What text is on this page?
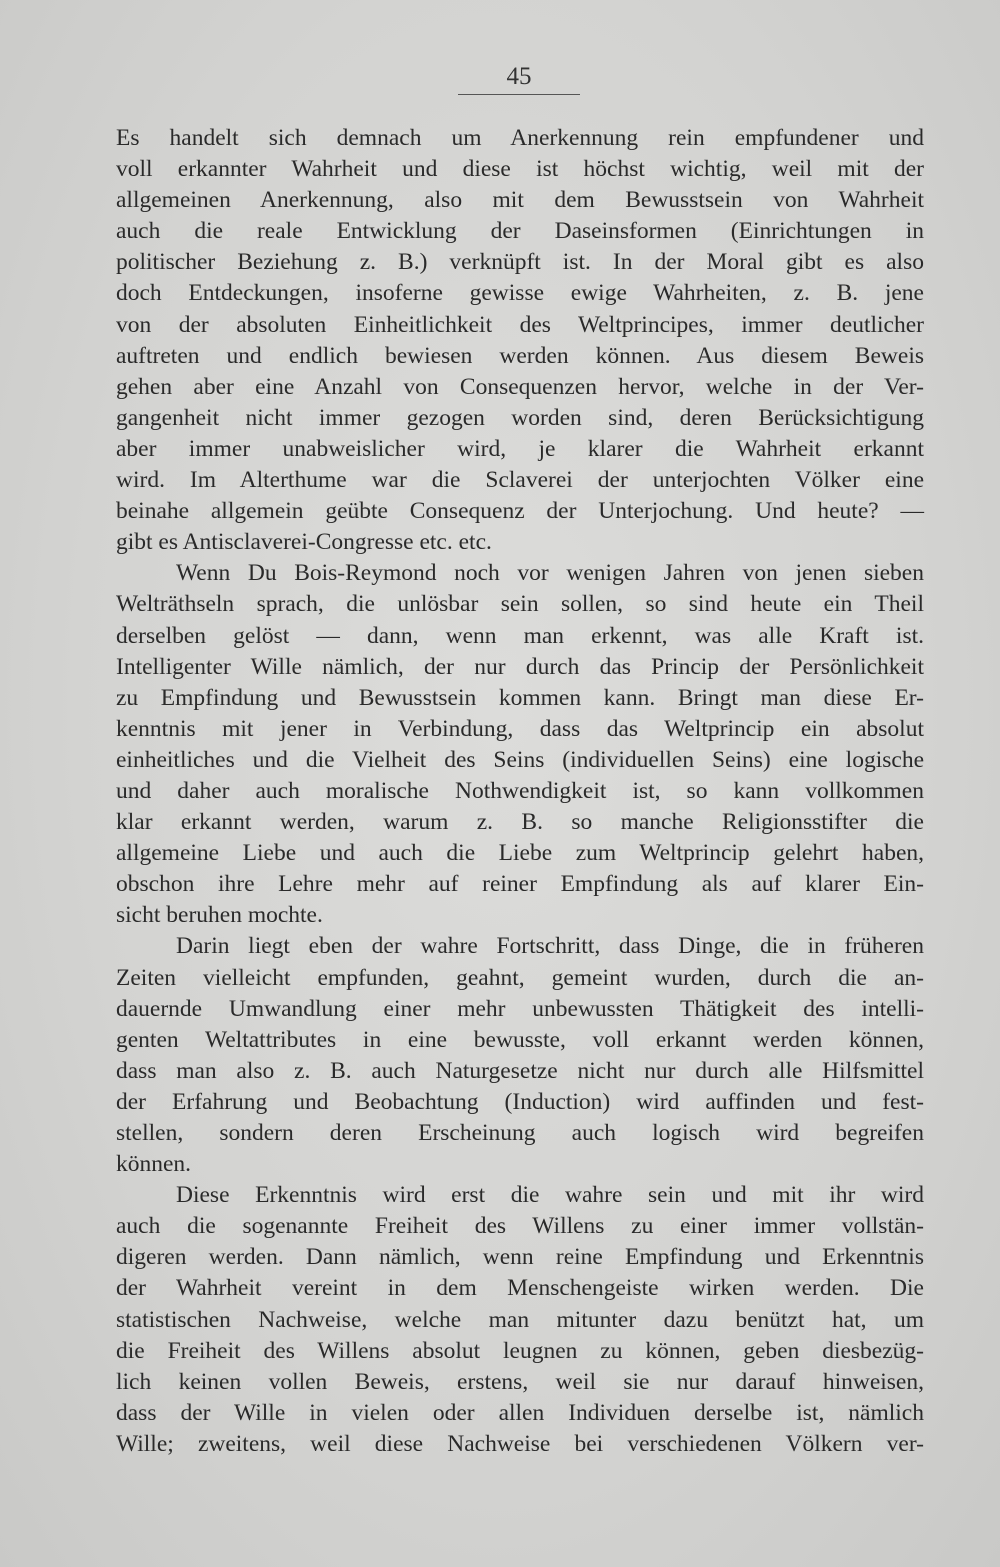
45
Es handelt sich demnach um Anerkennung rein empfundener und
voll erkannter Wahrheit und diese ist höchst wichtig, weil mit der
allgemeinen Anerkennung, also mit dem Bewusstsein von Wahrheit
auch die reale Entwicklung der Daseinsformen (Einrichtungen in
politischer Beziehung z. B.) verknüpft ist. In der Moral gibt es also
doch Entdeckungen, insoferne gewisse ewige Wahrheiten, z. B. jene
von der absoluten Einheitlichkeit des Weltprincipes, immer deutlicher
auftreten und endlich bewiesen werden können. Aus diesem Beweis
gehen aber eine Anzahl von Consequenzen hervor, welche in der Ver-
gangenheit nicht immer gezogen worden sind, deren Berücksichtigung
aber immer unabweislicher wird, je klarer die Wahrheit erkannt
wird. Im Alterthume war die Sclaverei der unterjochten Völker eine
beinahe allgemein geübte Consequenz der Unterjochung. Und heute? —
gibt es Antisclaverei-Congresse etc. etc.
Wenn Du Bois-Reymond noch vor wenigen Jahren von jenen sieben
Welträthseln sprach, die unlösbar sein sollen, so sind heute ein Theil
derselben gelöst — dann, wenn man erkennt, was alle Kraft ist.
Intelligenter Wille nämlich, der nur durch das Princip der Persönlichkeit
zu Empfindung und Bewusstsein kommen kann. Bringt man diese Er-
kenntnis mit jener in Verbindung, dass das Weltprincip ein absolut
einheitliches und die Vielheit des Seins (individuellen Seins) eine logische
und daher auch moralische Nothwendigkeit ist, so kann vollkommen
klar erkannt werden, warum z. B. so manche Religionsstifter die
allgemeine Liebe und auch die Liebe zum Weltprincip gelehrt haben,
obschon ihre Lehre mehr auf reiner Empfindung als auf klarer Ein-
sicht beruhen mochte.
Darin liegt eben der wahre Fortschritt, dass Dinge, die in früheren
Zeiten vielleicht empfunden, geahnt, gemeint wurden, durch die an-
dauernde Umwandlung einer mehr unbewussten Thätigkeit des intelli-
genten Weltattributes in eine bewusste, voll erkannt werden können,
dass man also z. B. auch Naturgesetze nicht nur durch alle Hilfsmittel
der Erfahrung und Beobachtung (Induction) wird auffinden und fest-
stellen, sondern deren Erscheinung auch logisch wird begreifen
können.
Diese Erkenntnis wird erst die wahre sein und mit ihr wird
auch die sogenannte Freiheit des Willens zu einer immer vollstän-
digeren werden. Dann nämlich, wenn reine Empfindung und Erkenntnis
der Wahrheit vereint in dem Menschengeiste wirken werden. Die
statistischen Nachweise, welche man mitunter dazu benützt hat, um
die Freiheit des Willens absolut leugnen zu können, geben diesbezüg-
lich keinen vollen Beweis, erstens, weil sie nur darauf hinweisen,
dass der Wille in vielen oder allen Individuen derselbe ist, nämlich
Wille; zweitens, weil diese Nachweise bei verschiedenen Völkern ver-
